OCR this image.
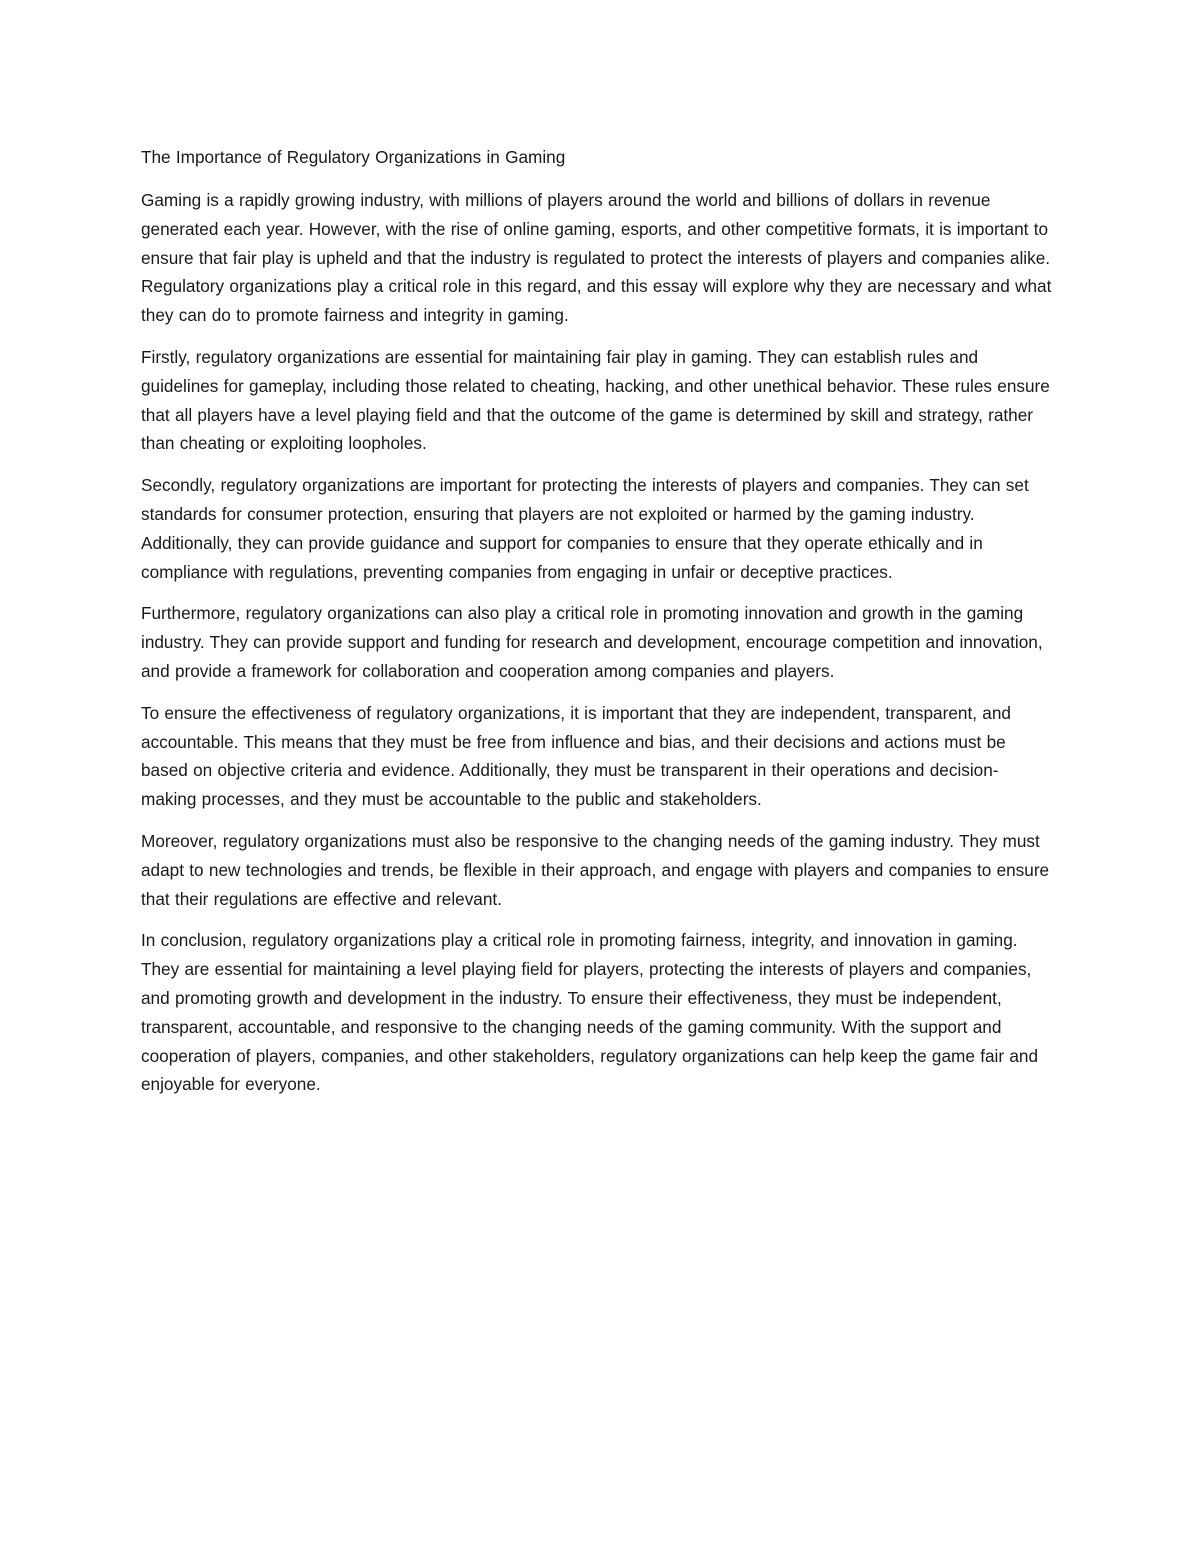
The Importance of Regulatory Organizations in Gaming

Gaming is a rapidly growing industry, with millions of players around the world and billions of dollars in revenue generated each year. However, with the rise of online gaming, esports, and other competitive formats, it is important to ensure that fair play is upheld and that the industry is regulated to protect the interests of players and companies alike. Regulatory organizations play a critical role in this regard, and this essay will explore why they are necessary and what they can do to promote fairness and integrity in gaming.

Firstly, regulatory organizations are essential for maintaining fair play in gaming. They can establish rules and guidelines for gameplay, including those related to cheating, hacking, and other unethical behavior. These rules ensure that all players have a level playing field and that the outcome of the game is determined by skill and strategy, rather than cheating or exploiting loopholes.

Secondly, regulatory organizations are important for protecting the interests of players and companies. They can set standards for consumer protection, ensuring that players are not exploited or harmed by the gaming industry. Additionally, they can provide guidance and support for companies to ensure that they operate ethically and in compliance with regulations, preventing companies from engaging in unfair or deceptive practices.

Furthermore, regulatory organizations can also play a critical role in promoting innovation and growth in the gaming industry. They can provide support and funding for research and development, encourage competition and innovation, and provide a framework for collaboration and cooperation among companies and players.

To ensure the effectiveness of regulatory organizations, it is important that they are independent, transparent, and accountable. This means that they must be free from influence and bias, and their decisions and actions must be based on objective criteria and evidence. Additionally, they must be transparent in their operations and decision-making processes, and they must be accountable to the public and stakeholders.

Moreover, regulatory organizations must also be responsive to the changing needs of the gaming industry. They must adapt to new technologies and trends, be flexible in their approach, and engage with players and companies to ensure that their regulations are effective and relevant.

In conclusion, regulatory organizations play a critical role in promoting fairness, integrity, and innovation in gaming. They are essential for maintaining a level playing field for players, protecting the interests of players and companies, and promoting growth and development in the industry. To ensure their effectiveness, they must be independent, transparent, accountable, and responsive to the changing needs of the gaming community. With the support and cooperation of players, companies, and other stakeholders, regulatory organizations can help keep the game fair and enjoyable for everyone.
